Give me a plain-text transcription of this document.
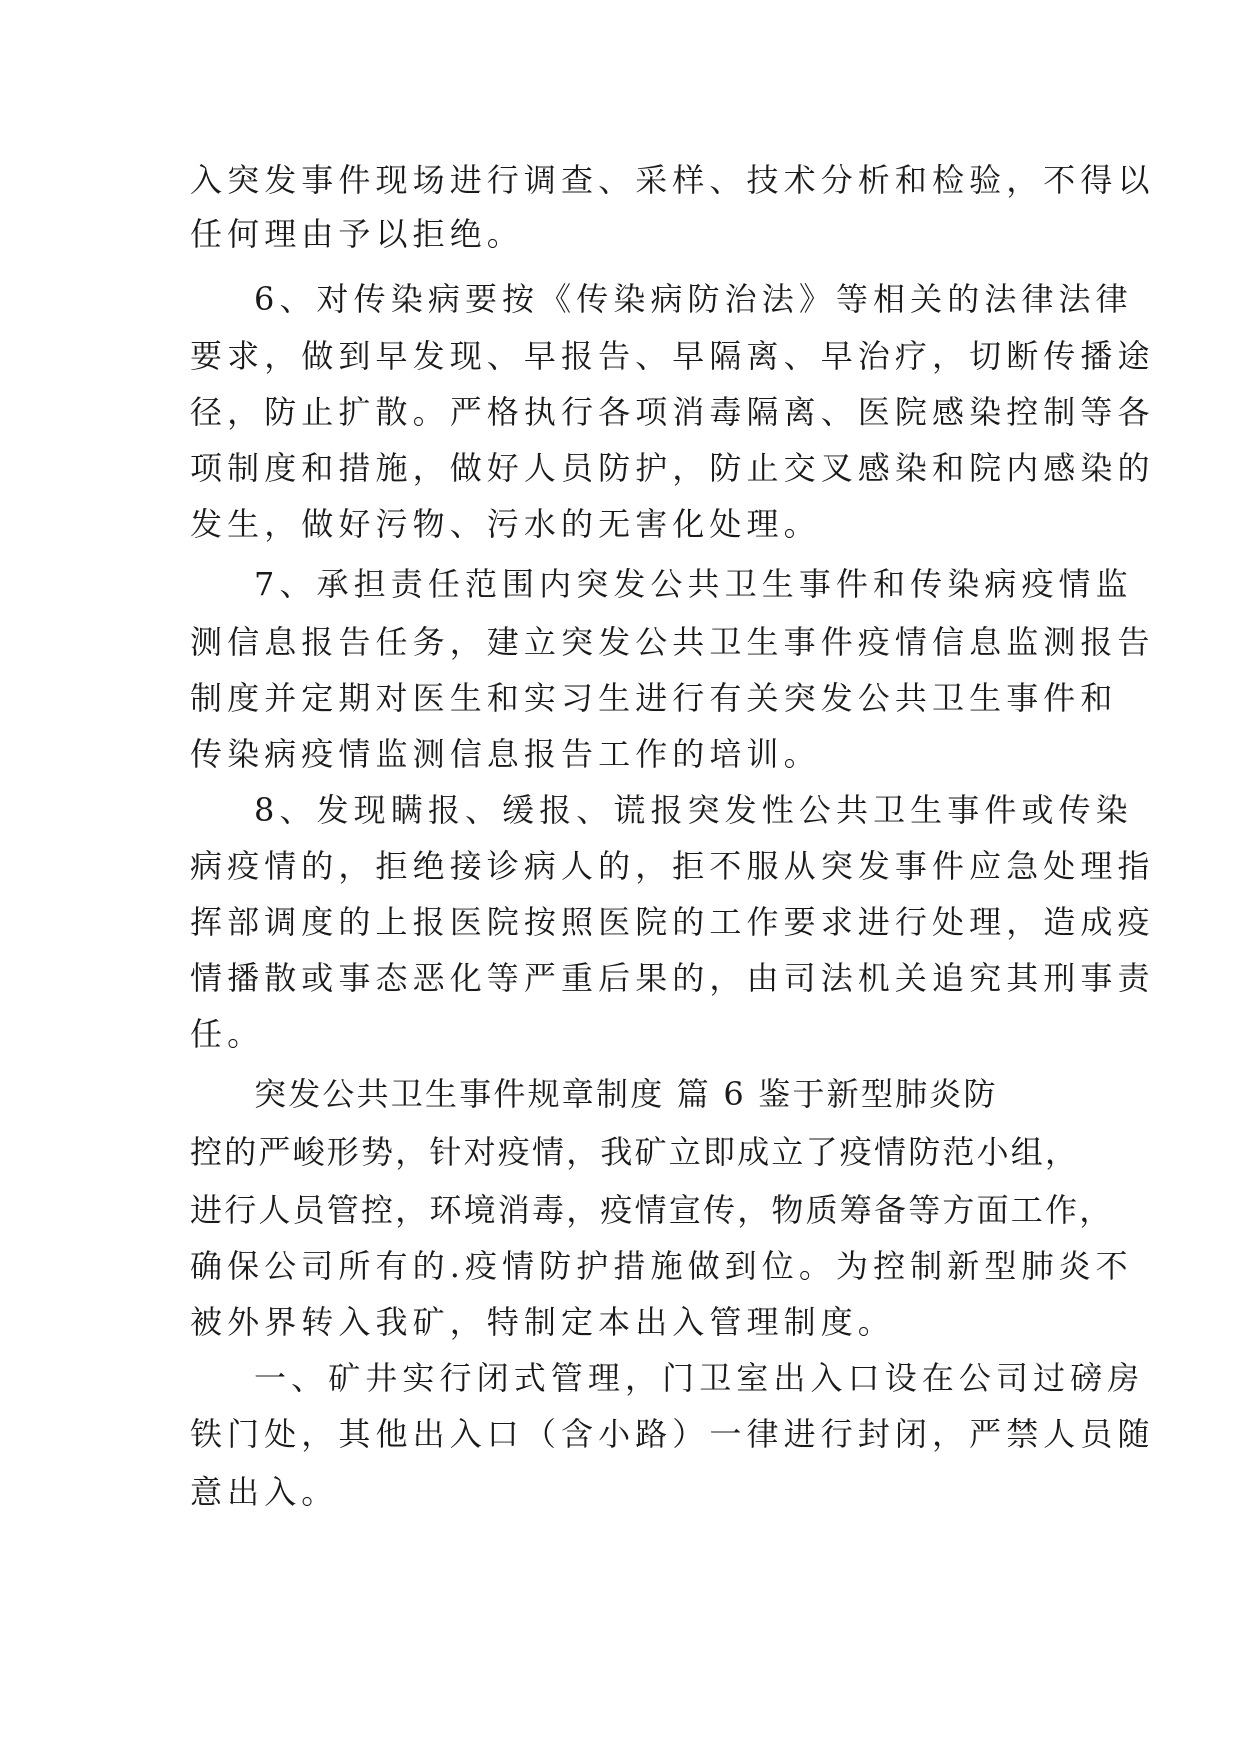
入突发事件现场进行调查、采样、技术分析和检验，不得以
任何理由予以拒绝。
6、对传染病要按《传染病防治法》等相关的法律法律
要求，做到早发现、早报告、早隔离、早治疗，切断传播途
径，防止扩散。严格执行各项消毒隔离、医院感染控制等各
项制度和措施，做好人员防护，防止交叉感染和院内感染的
发生，做好污物、污水的无害化处理。
7、承担责任范围内突发公共卫生事件和传染病疫情监
测信息报告任务，建立突发公共卫生事件疫情信息监测报告
制度并定期对医生和实习生进行有关突发公共卫生事件和
传染病疫情监测信息报告工作的培训。
8、发现瞒报、缓报、谎报突发性公共卫生事件或传染
病疫情的，拒绝接诊病人的，拒不服从突发事件应急处理指
挥部调度的上报医院按照医院的工作要求进行处理，造成疫
情播散或事态恶化等严重后果的，由司法机关追究其刑事责
任。
突发公共卫生事件规章制度 篇 6 鉴于新型肺炎防
控的严峻形势，针对疫情，我矿立即成立了疫情防范小组，
进行人员管控，环境消毒，疫情宣传，物质筹备等方面工作，
确保公司所有的.疫情防护措施做到位。为控制新型肺炎不
被外界转入我矿，特制定本出入管理制度。
一、矿井实行闭式管理，门卫室出入口设在公司过磅房
铁门处，其他出入口（含小路）一律进行封闭，严禁人员随
意出入。
